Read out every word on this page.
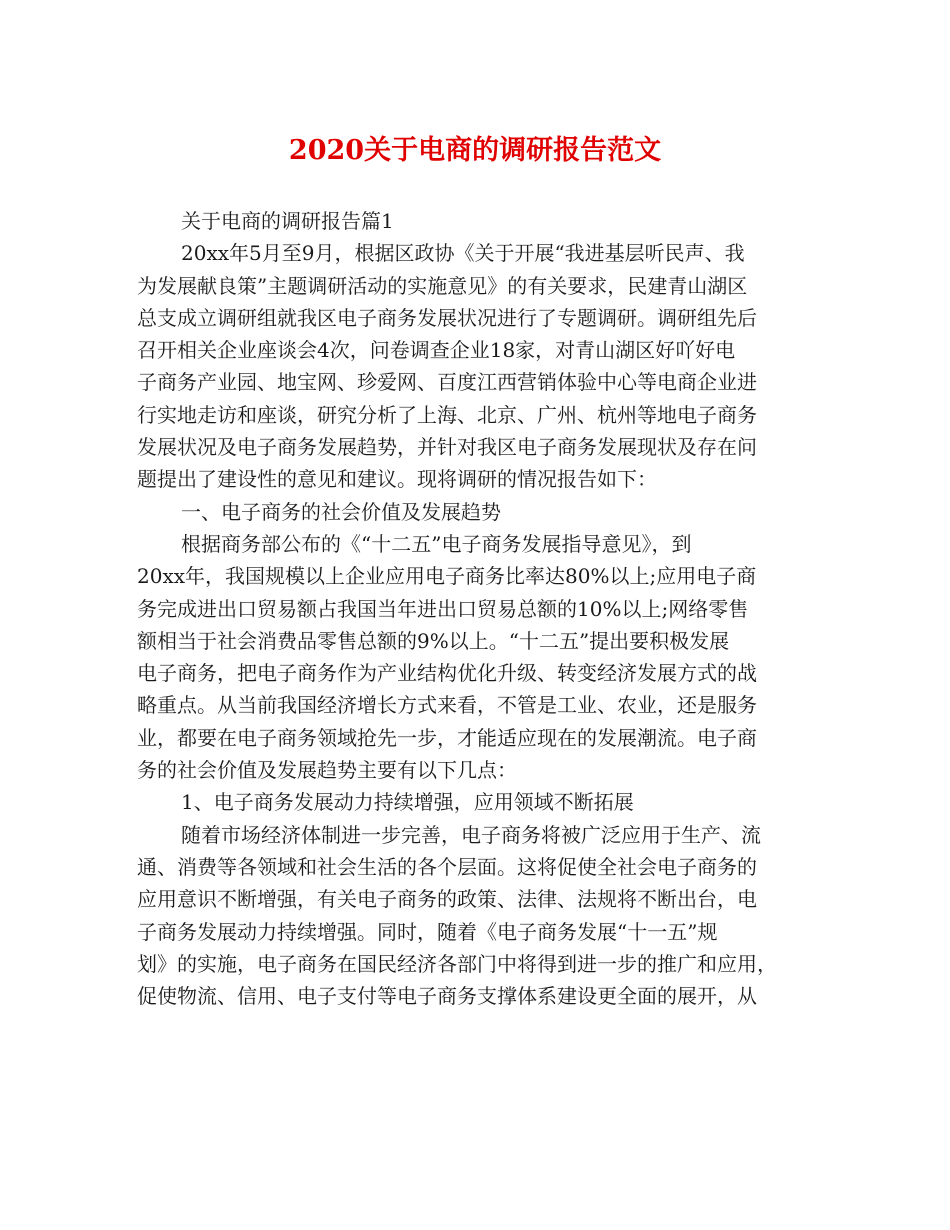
2020关于电商的调研报告范文
关于电商的调研报告篇1
20xx年5月至9月，根据区政协《关于开展“我进基层听民声、我
为发展献良策”主题调研活动的实施意见》的有关要求，民建青山湖区
总支成立调研组就我区电子商务发展状况进行了专题调研。调研组先后
召开相关企业座谈会4次，问卷调查企业18家，对青山湖区好吖好电
子商务产业园、地宝网、珍爱网、百度江西营销体验中心等电商企业进
行实地走访和座谈，研究分析了上海、北京、广州、杭州等地电子商务
发展状况及电子商务发展趋势，并针对我区电子商务发展现状及存在问
题提出了建设性的意见和建议。现将调研的情况报告如下：
一、电子商务的社会价值及发展趋势
根据商务部公布的《“十二五”电子商务发展指导意见》，到
20xx年，我国规模以上企业应用电子商务比率达80%以上;应用电子商
务完成进出口贸易额占我国当年进出口贸易总额的10%以上;网络零售
额相当于社会消费品零售总额的9%以上。“十二五”提出要积极发展
电子商务，把电子商务作为产业结构优化升级、转变经济发展方式的战
略重点。从当前我国经济增长方式来看，不管是工业、农业，还是服务
业，都要在电子商务领域抢先一步，才能适应现在的发展潮流。电子商
务的社会价值及发展趋势主要有以下几点：
1、电子商务发展动力持续增强，应用领域不断拓展
随着市场经济体制进一步完善，电子商务将被广泛应用于生产、流
通、消费等各领域和社会生活的各个层面。这将促使全社会电子商务的
应用意识不断增强，有关电子商务的政策、法律、法规将不断出台，电
子商务发展动力持续增强。同时，随着《电子商务发展“十一五”规
划》的实施，电子商务在国民经济各部门中将得到进一步的推广和应用，
促使物流、信用、电子支付等电子商务支撑体系建设更全面的展开，从
